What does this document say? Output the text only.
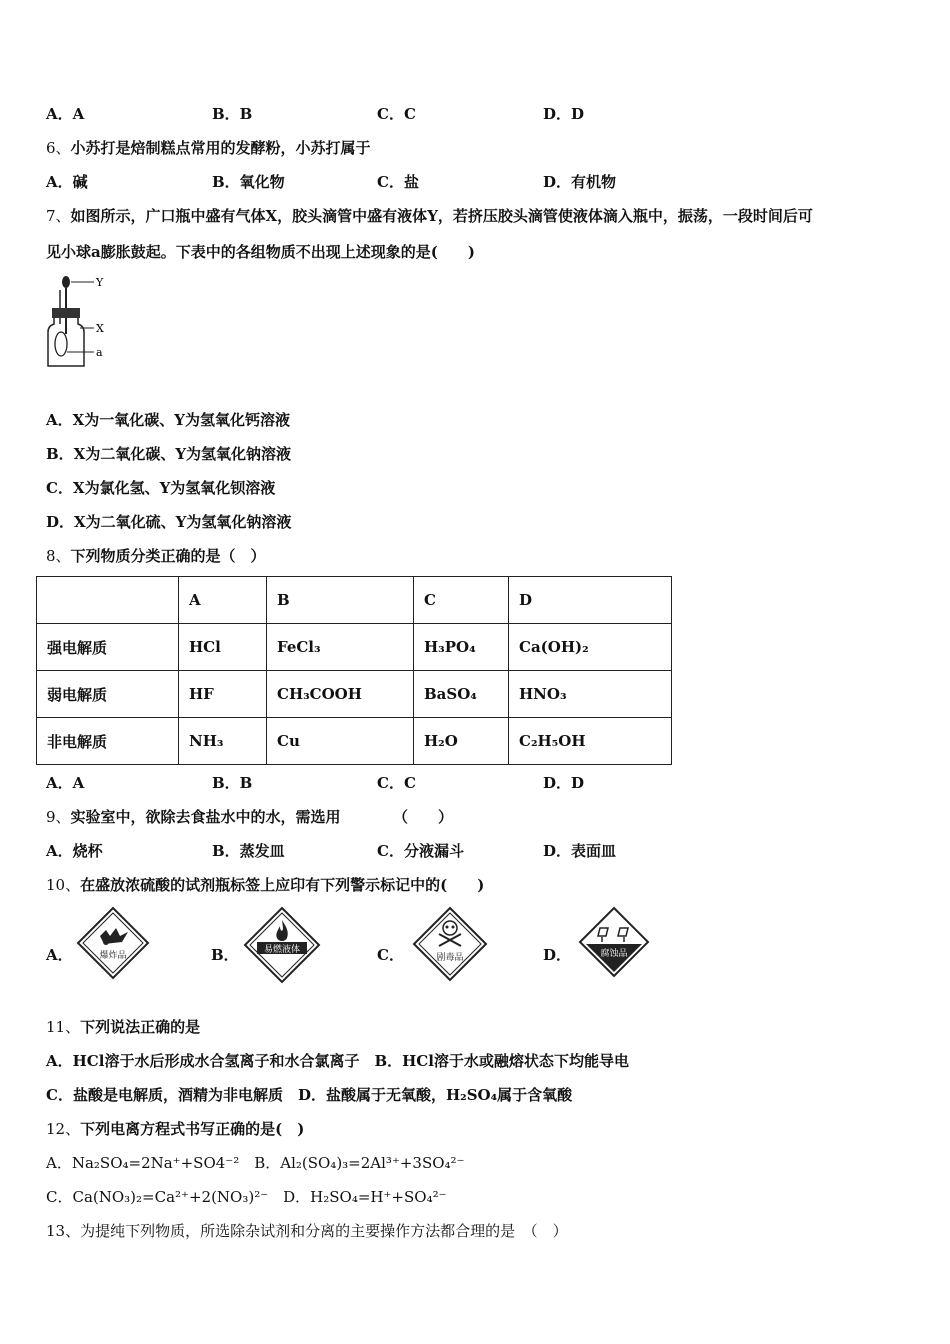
A．A	B．B	C．C	D．D
6、小苏打是焙制糕点常用的发酵粉，小苏打属于
A．碱	B．氧化物	C．盐	D．有机物
7、如图所示，广口瓶中盛有气体X，胶头滴管中盛有液体Y，若挤压胶头滴管使液体滴入瓶中，振荡，一段时间后可
见小球a膨胀鼓起。下表中的各组物质不出现上述现象的是(　　)
Y
X
a
A．X为一氧化碳、Y为氢氧化钙溶液
B．X为二氧化碳、Y为氢氧化钠溶液
C．X为氯化氢、Y为氢氧化钡溶液
D．X为二氧化硫、Y为氢氧化钠溶液
8、下列物质分类正确的是（　）
	A	B	C	D
强电解质	HCl	FeCl₃	H₃PO₄	Ca(OH)₂
弱电解质	HF	CH₃COOH	BaSO₄	HNO₃
非电解质	NH₃	Cu	H₂O	C₂H₅OH
A．A	B．B	C．C	D．D
9、实验室中，欲除去食盐水中的水，需选用　　　　（　　）
A．烧杯	B．蒸发皿	C．分液漏斗	D．表面皿
10、在盛放浓硫酸的试剂瓶标签上应印有下列警示标记中的(　　)
A．	爆炸品	B．	易燃液体	C．	剧毒品	D．	腐蚀品
11、下列说法正确的是
A．HCl溶于水后形成水合氢离子和水合氯离子　B．HCl溶于水或融熔状态下均能导电
C．盐酸是电解质，酒精为非电解质　D．盐酸属于无氧酸，H₂SO₄属于含氧酸
12、下列电离方程式书写正确的是(　)
A．Na₂SO₄=2Na⁺+SO4⁻²　B．Al₂(SO₄)₃=2Al³⁺+3SO₄²⁻
C．Ca(NO₃)₂=Ca²⁺+2(NO₃)²⁻　D．H₂SO₄=H⁺+SO₄²⁻
13、为提纯下列物质，所选除杂试剂和分离的主要操作方法都合理的是　（　）
